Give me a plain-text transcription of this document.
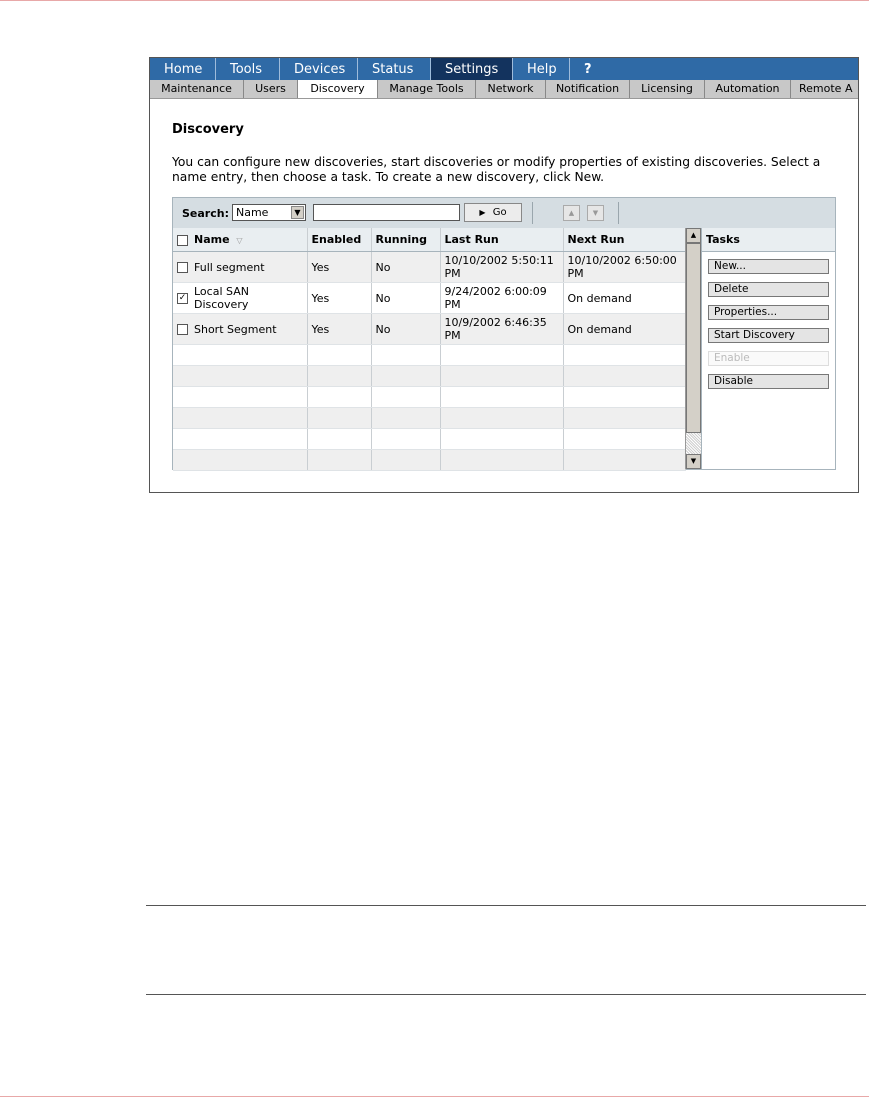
Home	Tools	Devices	Status	Settings	Help	?
Maintenance	Users	Discovery	Manage Tools	Network	Notification	Licensing	Automation	Remote A
Discovery
You can configure new discoveries, start discoveries or modify properties of existing discoveries. Select a name entry, then choose a task. To create a new discovery, click New.
Search: Name	▼	▶ Go	▲	▼
Name ▽	Enabled	Running	Last Run	Next Run
Full segment	Yes	No	10/10/2002 5:50:11 PM	10/10/2002 6:50:00 PM

✓ Local SAN Discovery	Yes	No	9/24/2002 6:00:09 PM	On demand
Short Segment	Yes	No	10/9/2002 6:46:35 PM	On demand

▲
▼
Tasks
New...
Delete
Properties...
Start Discovery
Enable
Disable
